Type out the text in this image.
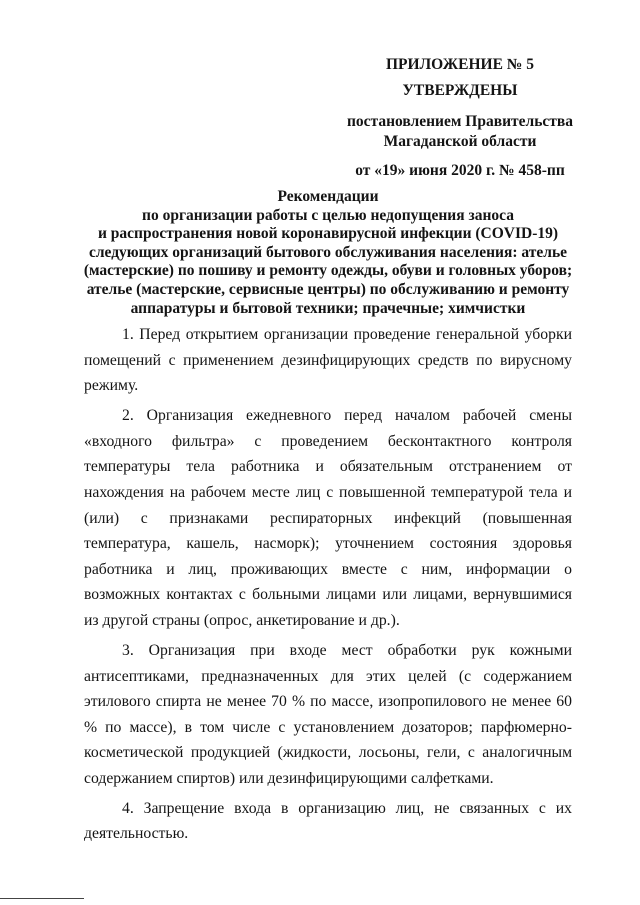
ПРИЛОЖЕНИЕ № 5
УТВЕРЖДЕНЫ
постановлением Правительства
Магаданской области
от «19» июня 2020 г. № 458-пп
Рекомендации
по организации работы с целью недопущения заноса
и распространения новой коронавирусной инфекции (COVID-19)
следующих организаций бытового обслуживания населения: ателье
(мастерские) по пошиву и ремонту одежды, обуви и головных уборов;
ателье (мастерские, сервисные центры) по обслуживанию и ремонту
аппаратуры и бытовой техники; прачечные; химчистки

1. Перед открытием организации проведение генеральной уборки помещений с применением дезинфицирующих средств по вирусному режиму.

2. Организация ежедневного перед началом рабочей смены «входного фильтра» с проведением бесконтактного контроля температуры тела работника и обязательным отстранением от нахождения на рабочем месте лиц с повышенной температурой тела и (или) с признаками респираторных инфекций (повышенная температура, кашель, насморк); уточнением состояния здоровья работника и лиц, проживающих вместе с ним, информации о возможных контактах с больными лицами или лицами, вернувшимися из другой страны (опрос, анкетирование и др.).

3. Организация при входе мест обработки рук кожными антисептиками, предназначенных для этих целей (с содержанием этилового спирта не менее 70 % по массе, изопропилового не менее 60 % по массе), в том числе с установлением дозаторов; парфюмерно-косметической продукцией (жидкости, лосьоны, гели, с аналогичным содержанием спиртов) или дезинфицирующими салфетками.

4. Запрещение входа в организацию лиц, не связанных с их деятельностью.
